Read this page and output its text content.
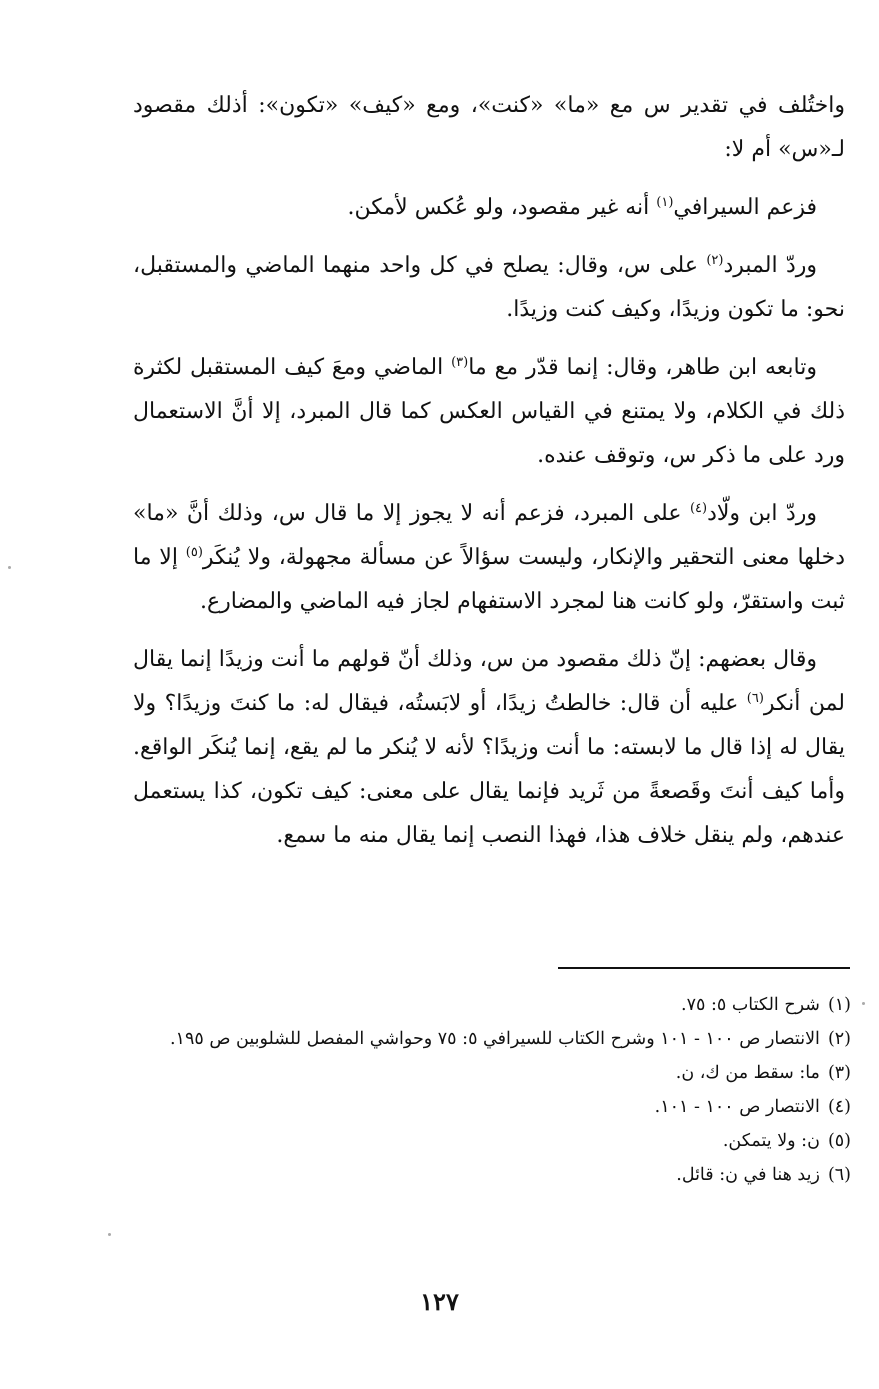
واختُلف في تقدير س مع «ما» «كنت»، ومع «كيف» «تكون»: أذلك مقصود لـ«س» أم لا:

فزعم السيرافي$^{(١)}$ أنه غير مقصود، ولو عُكس لأمكن.

وردّ المبرد$^{(٢)}$ على س، وقال: يصلح في كل واحد منهما الماضي والمستقبل، نحو: ما تكون وزيدًا، وكيف كنت وزيدًا.

وتابعه ابن طاهر، وقال: إنما قدّر مع ما$^{(٣)}$ الماضي ومعَ كيف المستقبل لكثرة ذلك في الكلام، ولا يمتنع في القياس العكس كما قال المبرد، إلا أنَّ الاستعمال ورد على ما ذكر س، وتوقف عنده.

وردّ ابن ولّاد$^{(٤)}$ على المبرد، فزعم أنه لا يجوز إلا ما قال س، وذلك أنَّ «ما» دخلها معنى التحقير والإنكار، وليست سؤالاً عن مسألة مجهولة، ولا يُنكَر$^{(٥)}$ إلا ما ثبت واستقرّ، ولو كانت هنا لمجرد الاستفهام لجاز فيه الماضي والمضارع.

وقال بعضهم: إنّ ذلك مقصود من س، وذلك أنّ قولهم ما أنت وزيدًا إنما يقال لمن أنكر$^{(٦)}$ عليه أن قال: خالطتُ زيدًا، أو لابَستُه، فيقال له: ما كنتَ وزيدًا؟ ولا يقال له إذا قال ما لابسته: ما أنت وزيدًا؟ لأنه لا يُنكر ما لم يقع، إنما يُنكَر الواقع. وأما كيف أنتَ وقَصعةً من ثَريد فإنما يقال على معنى: كيف تكون، كذا يستعمل عندهم، ولم ينقل خلاف هذا، فهذا النصب إنما يقال منه ما سمع.

(١)
شرح الكتاب ٥: ٧٥.
(٢)
الانتصار ص ١٠٠ - ١٠١ وشرح الكتاب للسيرافي ٥: ٧٥ وحواشي المفصل للشلوبين ص ١٩٥.
(٣)
ما: سقط من ك، ن.
(٤)
الانتصار ص ١٠٠ - ١٠١.
(٥)
ن: ولا يتمكن.
(٦)
زيد هنا في ن: قائل.
١٢٧
